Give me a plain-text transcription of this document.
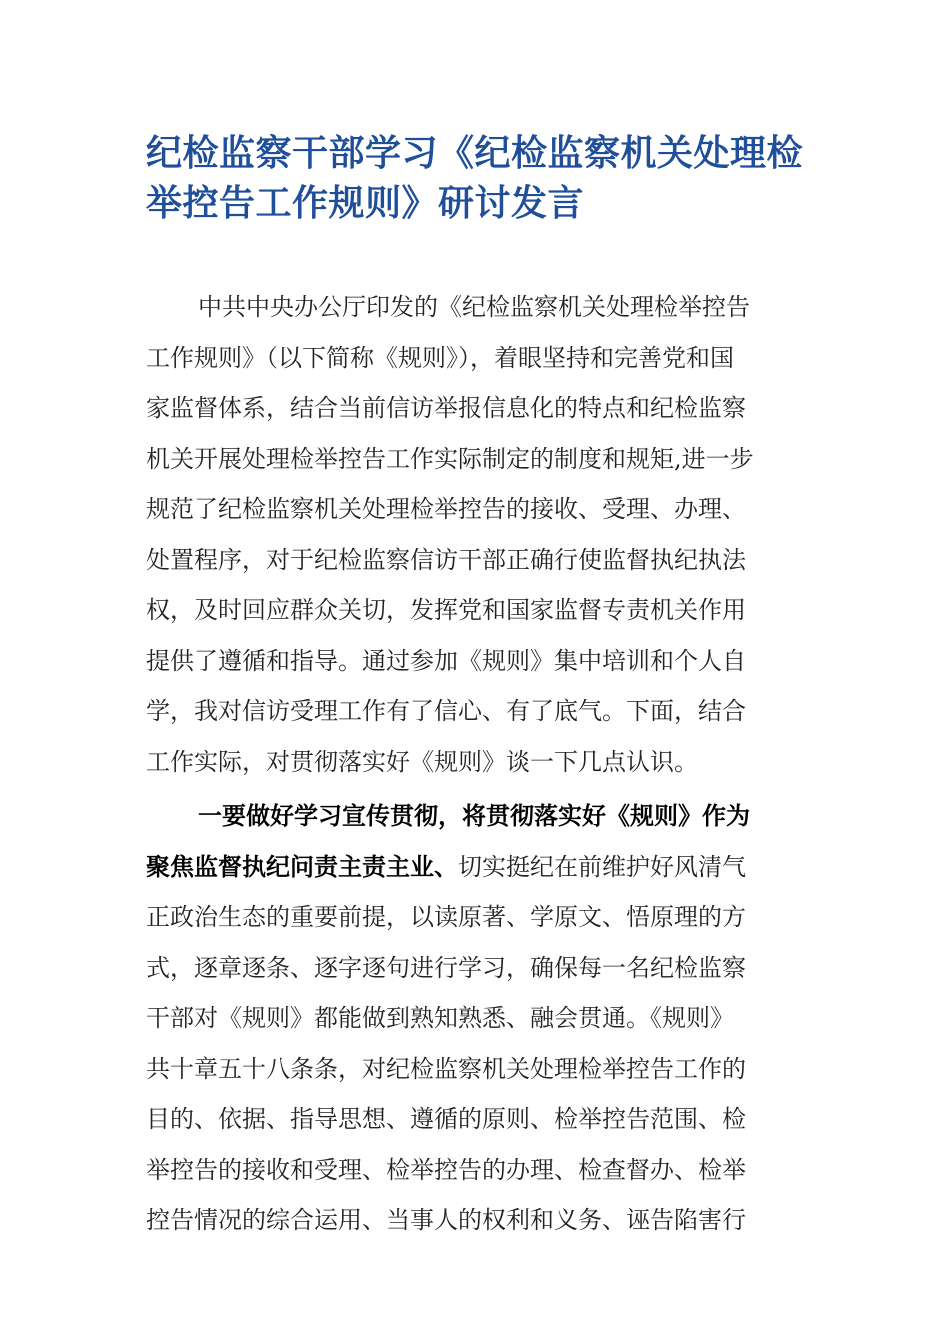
纪检监察干部学习《纪检监察机关处理检
举控告工作规则》研讨发言
中共中央办公厅印发的《纪检监察机关处理检举控告
工作规则》（以下简称《规则》），着眼坚持和完善党和国
家监督体系，结合当前信访举报信息化的特点和纪检监察
机关开展处理检举控告工作实际制定的制度和规矩,进一步
规范了纪检监察机关处理检举控告的接收、受理、办理、
处置程序，对于纪检监察信访干部正确行使监督执纪执法
权，及时回应群众关切，发挥党和国家监督专责机关作用
提供了遵循和指导。通过参加《规则》集中培训和个人自
学，我对信访受理工作有了信心、有了底气。下面，结合
工作实际，对贯彻落实好《规则》谈一下几点认识。
一要做好学习宣传贯彻，将贯彻落实好《规则》作为
聚焦监督执纪问责主责主业、切实挺纪在前维护好风清气
正政治生态的重要前提，以读原著、学原文、悟原理的方
式，逐章逐条、逐字逐句进行学习，确保每一名纪检监察
干部对《规则》都能做到熟知熟悉、融会贯通。《规则》
共十章五十八条条，对纪检监察机关处理检举控告工作的
目的、依据、指导思想、遵循的原则、检举控告范围、检
举控告的接收和受理、检举控告的办理、检查督办、检举
控告情况的综合运用、当事人的权利和义务、诬告陷害行
